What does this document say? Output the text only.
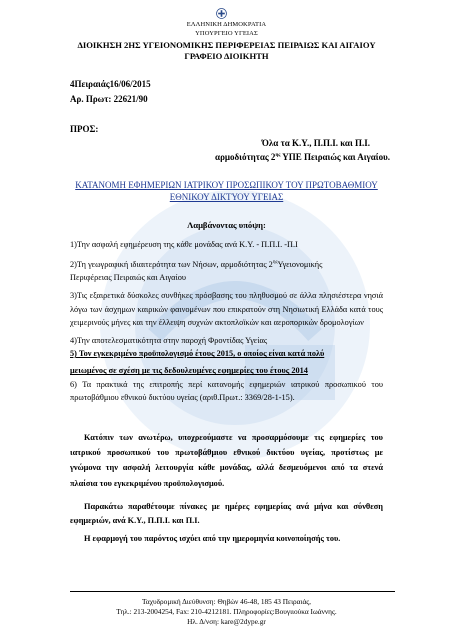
ΕΛΛΗΝΙΚΗ ΔΗΜΟΚΡΑΤΙΑ
ΥΠΟΥΡΓΕΙΟ ΥΓΕΙΑΣ
ΔΙΟΙΚΗΣΗ 2ΗΣ ΥΓΕΙΟΝΟΜΙΚΗΣ ΠΕΡΙΦΕΡΕΙΑΣ ΠΕΙΡΑΙΩΣ ΚΑΙ ΑΙΓΑΙΟΥ
ΓΡΑΦΕΙΟ ΔΙΟΙΚΗΤΗ
4Πειραιάς16/06/2015
Αρ. Πρωτ: 22621/90
ΠΡΟΣ:
Όλα τα Κ.Υ., Π.Π.Ι. και Π.Ι.
αρμοδιότητας $2^{\eta\varsigma}$ ΥΠΕ Πειραιώς και Αιγαίου.
ΚΑΤΑΝΟΜΗ ΕΦΗΜΕΡΙΩΝ ΙΑΤΡΙΚΟΥ ΠΡΟΣΩΠΙΚΟΥ ΤΟΥ ΠΡΩΤΟΒΑΘΜΙΟΥ
ΕΘΝΙΚΟΥ ΔΙΚΤΥΟΥ ΥΓΕΙΑΣ
Λαμβάνοντας υπόψη:
1)Την ασφαλή εφημέρευση της κάθε μονάδας ανά Κ.Υ. - Π.Π.Ι. -Π.Ι
2)Τη γεωγραφική ιδιαιτερότητα των Νήσων, αρμοδιότητας $2^{\eta\varsigma}\Upsilon\gamma\varepsilon\iota o\nu o\mu\iota\kappa ή\varsigma$
Περιφέρειας Πειραιώς και Αιγαίου
3)Τις εξαιρετικά δύσκολες συνθήκες πρόσβασης του πληθυσμού σε άλλα πλησιέστερα νησιά λόγω των άσχημων καιρικών φαινομένων που επικρατούν στη Νησιωτική Ελλάδα κατά τους χειμερινούς μήνες και την έλλειψη συχνών ακτοπλοϊκών και αεροπορικών δρομολογίων
4)Την αποτελεσματικότητα στην παροχή Φροντίδας Υγείας
5) Τον εγκεκριμένο προϋπολογισμό έτους 2015, ο οποίος είναι κατά πολύ
μειωμένος σε σχέση με τις δεδουλευμένες εφημερίες του έτους 2014
6) Τα πρακτικά της επιτροπής περί κατανομής εφημεριών ιατρικού προσωπικού του πρωτοβάθμιου εθνικού δικτύου υγείας (αριθ.Πρωτ.: 3369/28-1-15).
Κατόπιν των ανωτέρω, υποχρεούμαστε να προσαρμόσουμε τις εφημερίες του ιατρικού προσωπικού του πρωτοβάθμιου εθνικού δικτύου υγείας, προτίστως με γνώμονα την ασφαλή λειτουργία κάθε μονάδας, αλλά δεσμευόμενοι από τα στενά πλαίσια του εγκεκριμένου προϋπολογισμού.
Παρακάτω παραθέτουμε πίνακες με ημέρες εφημερίας ανά μήνα και σύνθεση εφημεριών, ανά Κ.Υ., Π.Π.Ι. και Π.Ι.
Η εφαρμογή του παρόντος ισχύει από την ημερομηνία κοινοποίησής του.
Ταχυδρομική Διεύθυνση: Θηβών 46-48, 185 43 Πειραιάς,
Τηλ.: 213-2004254, Fax: 210-4212181. Πληροφορίες:Βουγιιούκα Ιωάννης.
Ηλ. Δ/νση: kare@2dype.gr
